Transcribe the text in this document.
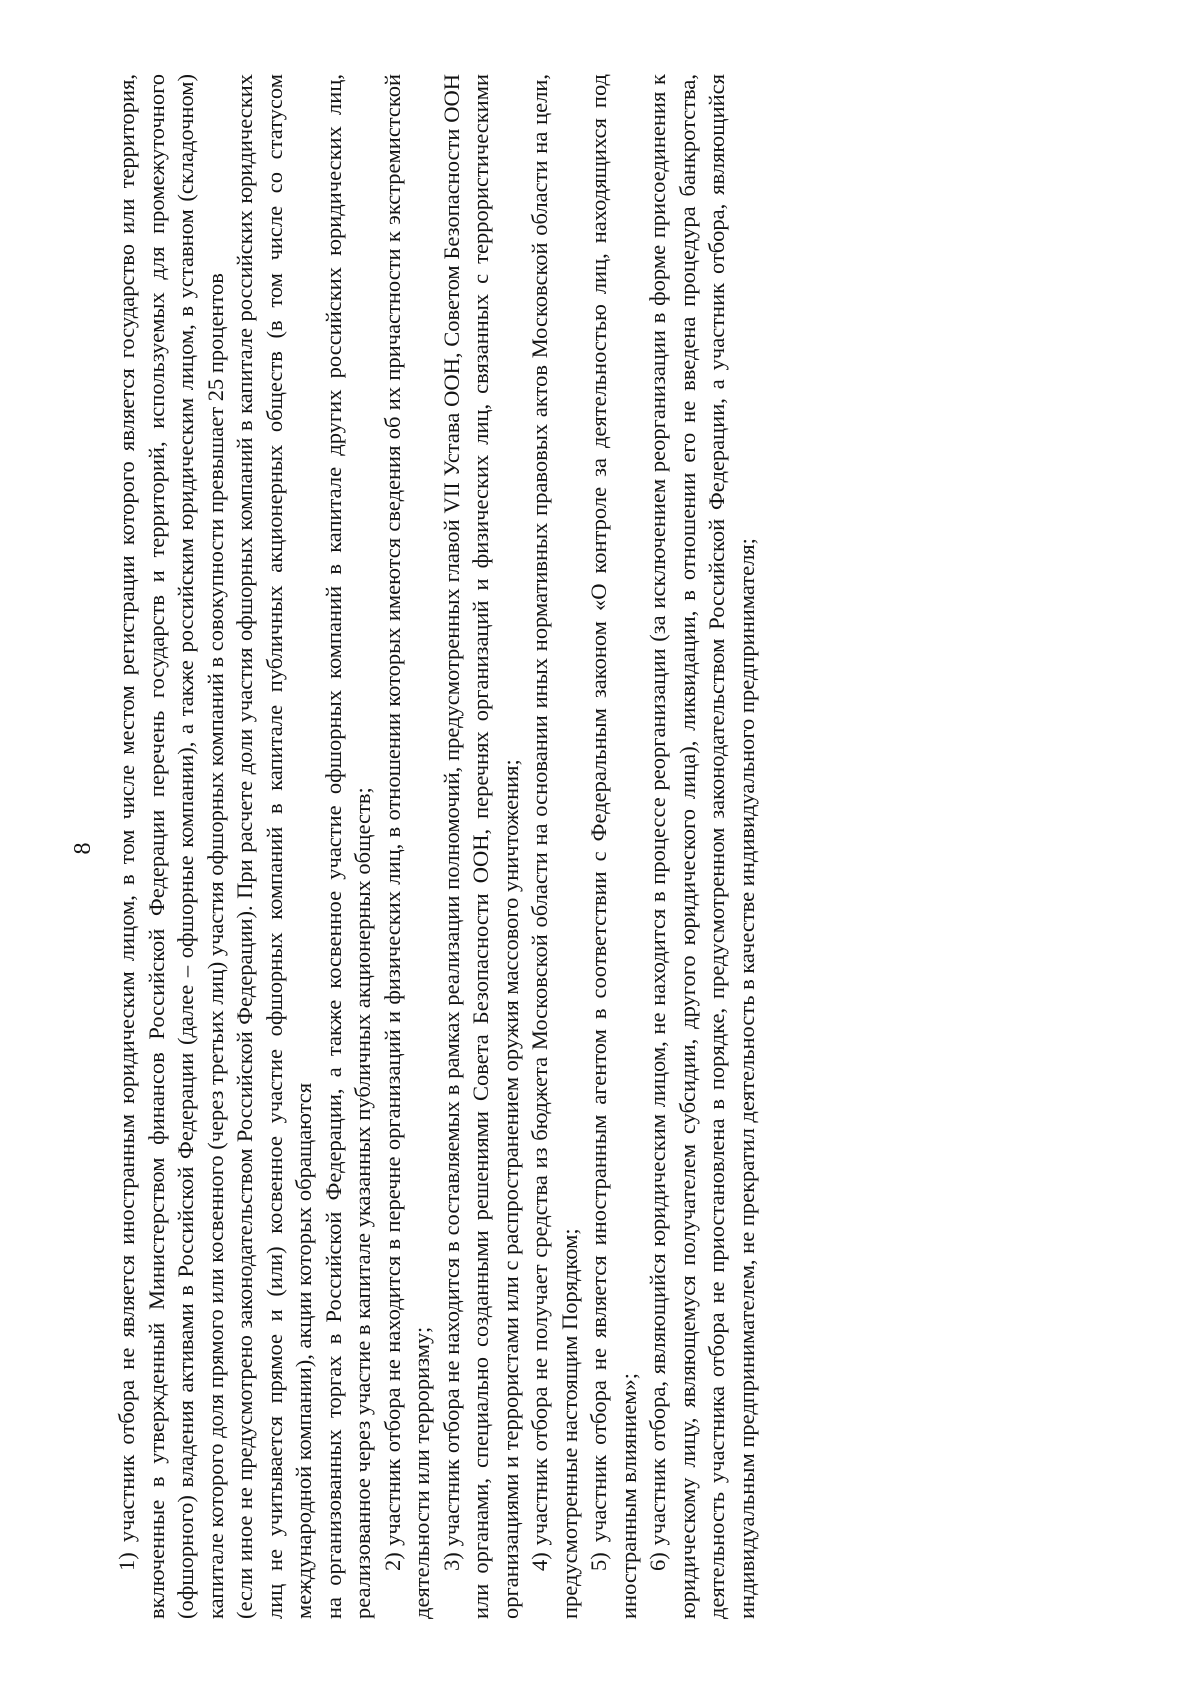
8 1) участник отбора не является иностранным юридическим лицом, в том числе местом регистрации которого является государство или территория, включенные в утвержденный Министерством финансов Российской Федерации перечень государств и территорий, используемых для промежуточного (офшорного) владения активами в Российской Федерации (далее – офшорные компании), а также российским юридическим лицом, в уставном (складочном) капитале которого доля прямого или косвенного (через третьих лиц) участия офшорных компаний в совокупности превышает 25 процентов (если иное не предусмотрено законодательством Российской Федерации). При расчете доли участия офшорных компаний в капитале российских юридических лиц не учитывается прямое и (или) косвенное участие офшорных компаний в капитале публичных акционерных обществ (в том числе со статусом международной компании), акции которых обращаются на организованных торгах в Российской Федерации, а также косвенное участие офшорных компаний в капитале других российских юридических лиц, реализованное через участие в капитале указанных публичных акционерных обществ; 2) участник отбора не находится в перечне организаций и физических лиц, в отношении которых имеются сведения об их причастности к экстремистской деятельности или терроризму; 3) участник отбора не находится в составляемых в рамках реализации полномочий, предусмотренных главой VII Устава ООН, Советом Безопасности ООН или органами, специально созданными решениями Совета Безопасности ООН, перечнях организаций и физических лиц, связанных с террористическими организациями и террористами или с распространением оружия массового уничтожения; 4) участник отбора не получает средства из бюджета Московской области на основании иных нормативных правовых актов Московской области на цели, предусмотренные настоящим Порядком; 5) участник отбора не является иностранным агентом в соответствии с Федеральным законом «О контроле за деятельностью лиц, находящихся под иностранным влиянием»; 6) участник отбора, являющийся юридическим лицом, не находится в процессе реорганизации (за исключением реорганизации в форме присоединения к юридическому лицу, являющемуся получателем субсидии, другого юридического лица), ликвидации, в отношении его не введена процедура банкротства, деятельность участника отбора не приостановлена в порядке, предусмотренном законодательством Российской Федерации, а участник отбора, являющийся индивидуальным предпринимателем, не прекратил деятельность в качестве индивидуального предпринимателя;
